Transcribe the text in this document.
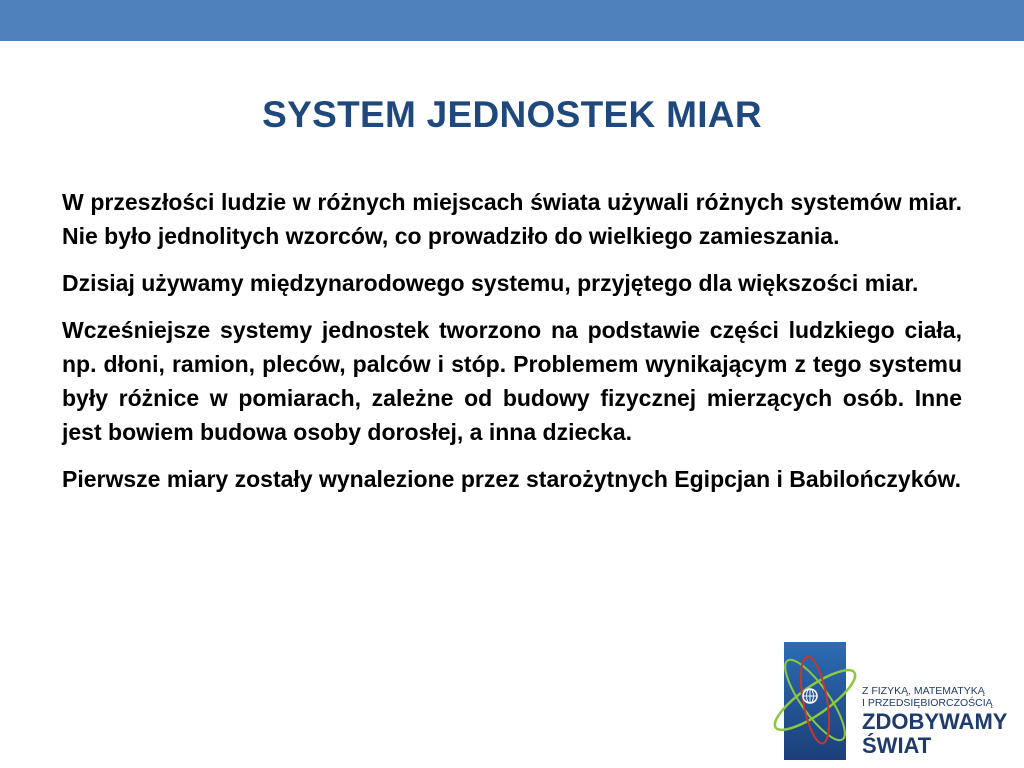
SYSTEM JEDNOSTEK MIAR

W przeszłości ludzie w różnych miejscach świata używali różnych systemów miar. Nie było jednolitych wzorców, co prowadziło do wielkiego zamieszania.

Dzisiaj używamy międzynarodowego systemu, przyjętego dla większości miar.

Wcześniejsze systemy jednostek tworzono na podstawie części ludzkiego ciała, np. dłoni, ramion, pleców, palców i stóp. Problemem wynikającym z tego systemu były różnice w pomiarach, zależne od budowy fizycznej mierzących osób. Inne jest bowiem budowa osoby dorosłej, a inna dziecka.

Pierwsze miary zostały wynalezione przez starożytnych Egipcjan i Babilończyków.

Z FIZYKĄ, MATEMATYKĄ
I PRZEDSIĘBIORCZOŚCIĄ

ZDOBYWAMY

ŚWIAT
